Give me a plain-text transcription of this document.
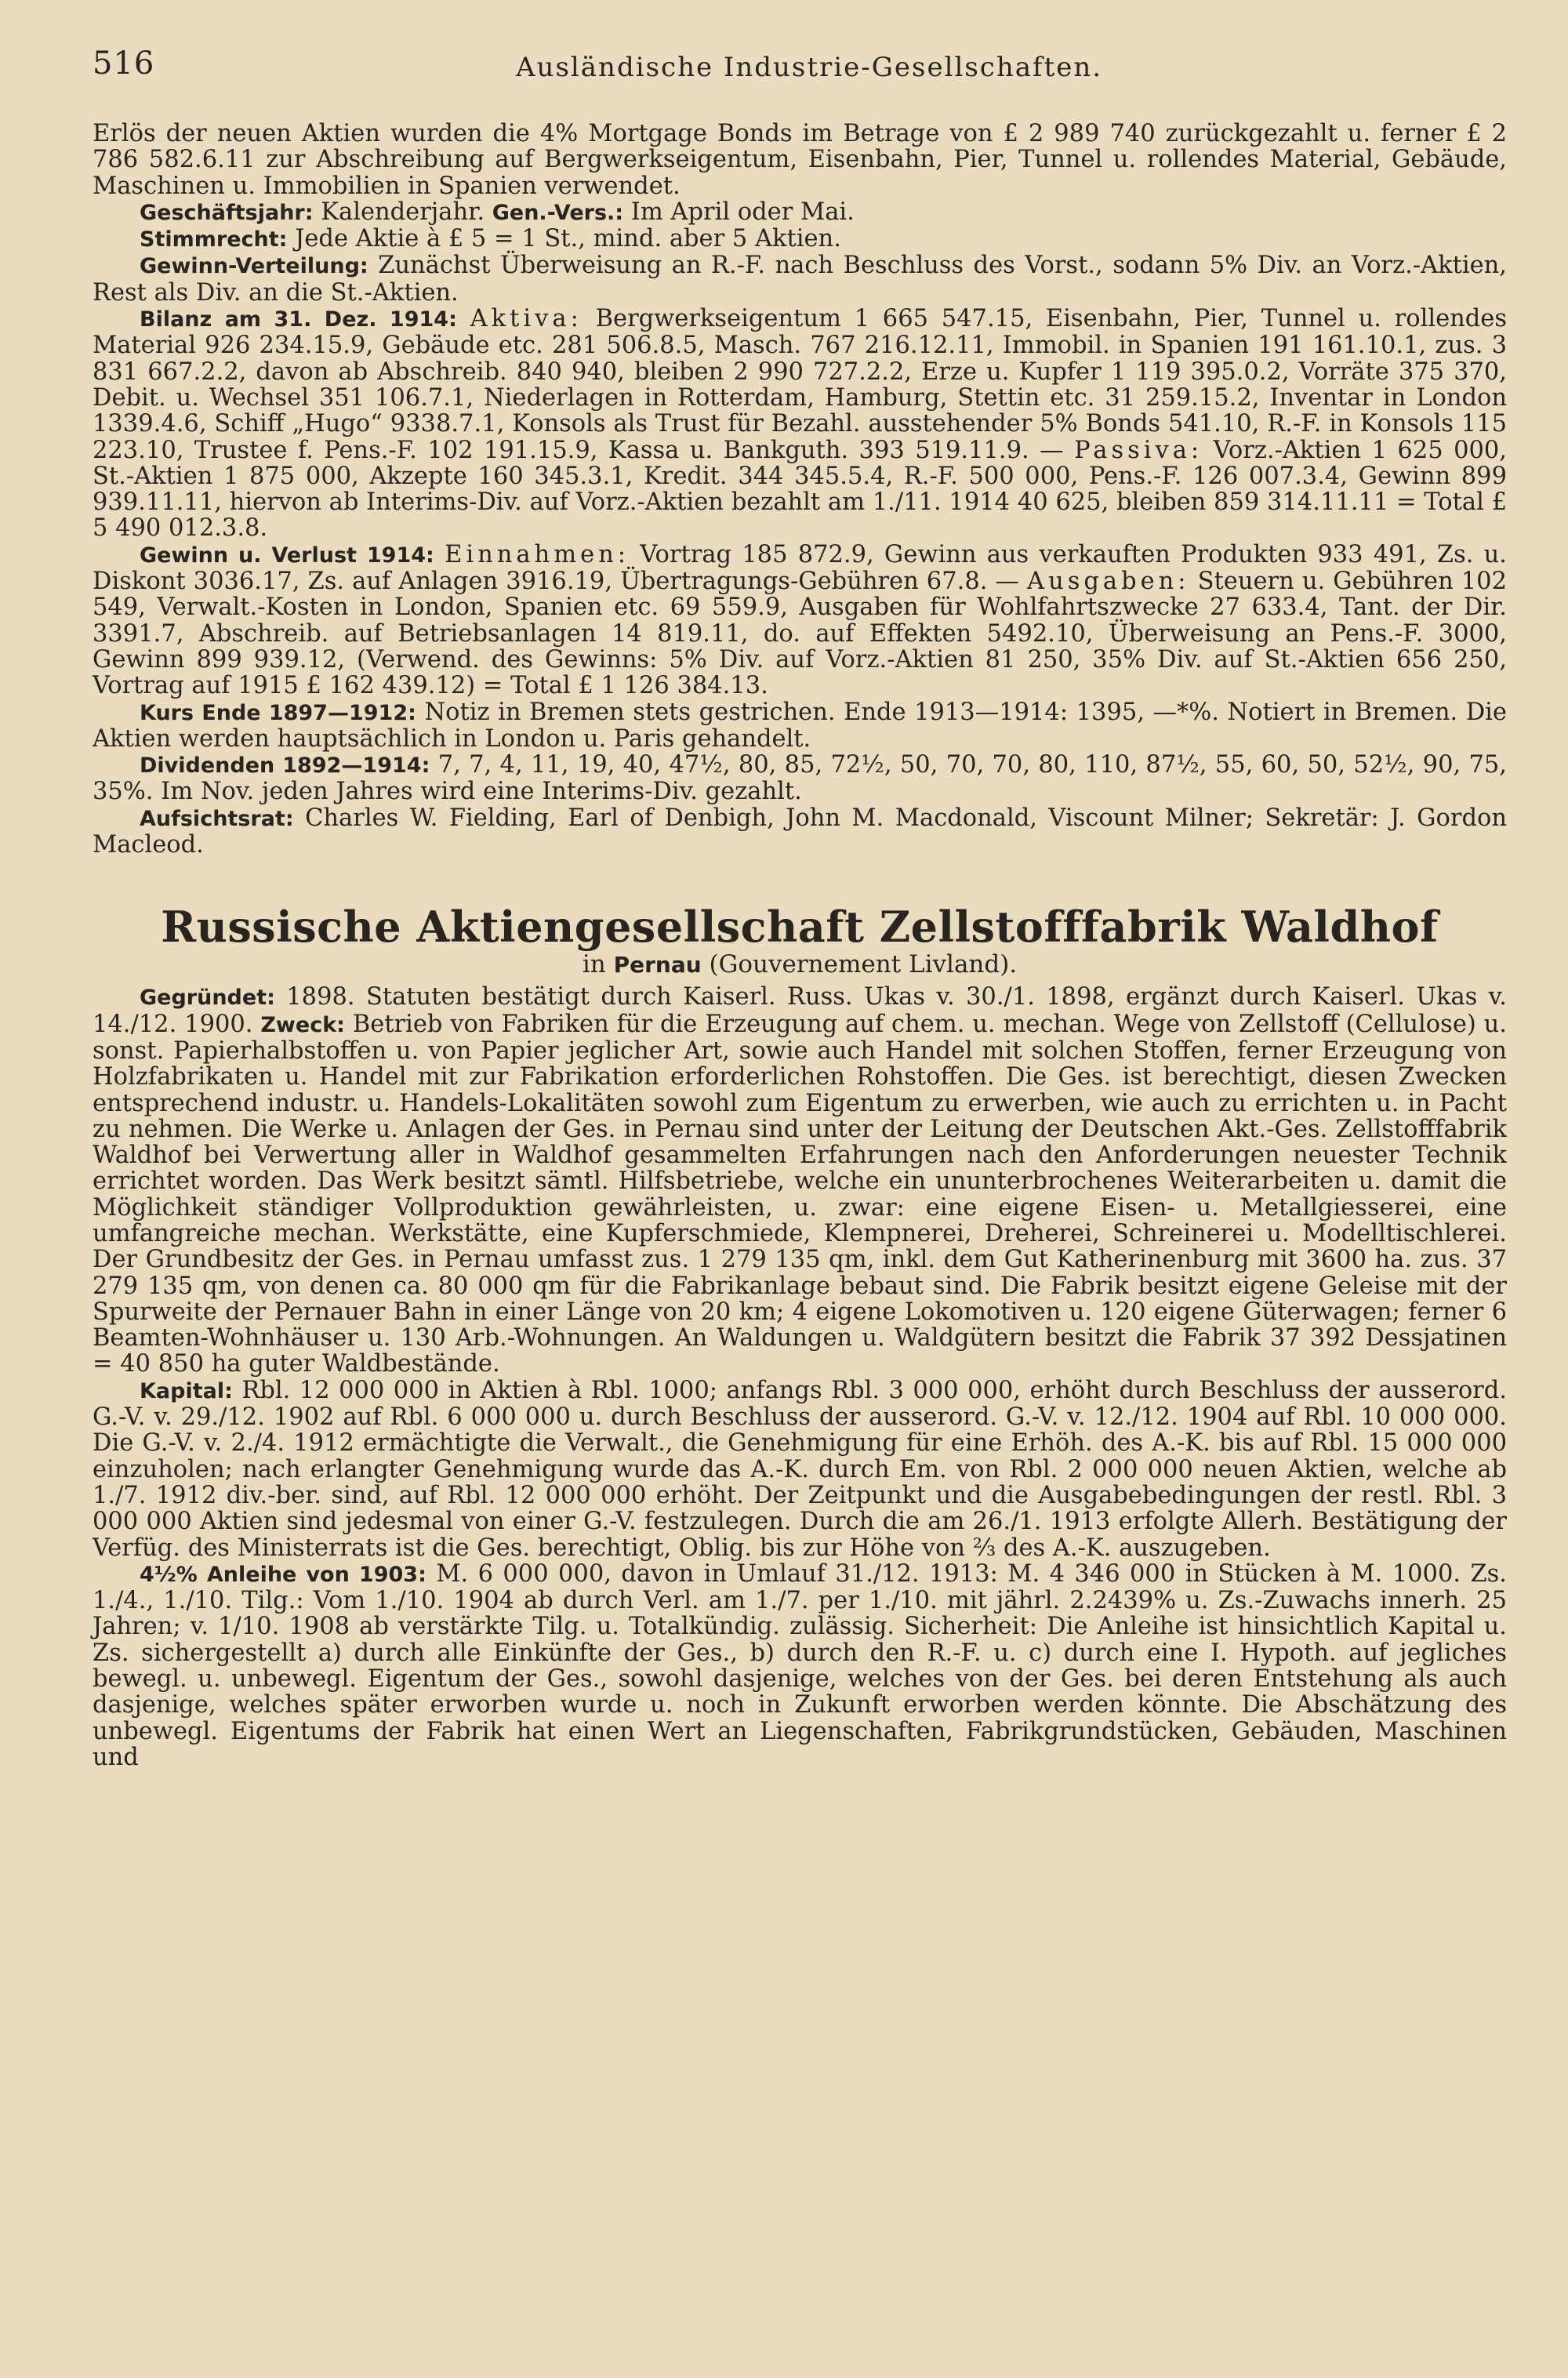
516	Ausländische Industrie-Gesellschaften.

Erlös der neuen Aktien wurden die 4% Mortgage Bonds im Betrage von £ 2 989 740 zurückgezahlt u. ferner £ 2 786 582.6.11 zur Abschreibung auf Bergwerkseigentum, Eisenbahn, Pier, Tunnel u. rollendes Material, Gebäude, Maschinen u. Immobilien in Spanien verwendet.

Geschäftsjahr: Kalenderjahr. Gen.-Vers.: Im April oder Mai.

Stimmrecht: Jede Aktie à £ 5 = 1 St., mind. aber 5 Aktien.

Gewinn-Verteilung: Zunächst Überweisung an R.-F. nach Beschluss des Vorst., sodann 5% Div. an Vorz.-Aktien, Rest als Div. an die St.-Aktien.

Bilanz am 31. Dez. 1914: Aktiva: Bergwerkseigentum 1 665 547.15, Eisenbahn, Pier, Tunnel u. rollendes Material 926 234.15.9, Gebäude etc. 281 506.8.5, Masch. 767 216.12.11, Immobil. in Spanien 191 161.10.1, zus. 3 831 667.2.2, davon ab Abschreib. 840 940, bleiben 2 990 727.2.2, Erze u. Kupfer 1 119 395.0.2, Vorräte 375 370, Debit. u. Wechsel 351 106.7.1, Niederlagen in Rotterdam, Hamburg, Stettin etc. 31 259.15.2, Inventar in London 1339.4.6, Schiff „Hugo“ 9338.7.1, Konsols als Trust für Bezahl. ausstehender 5% Bonds 541.10, R.-F. in Konsols 115 223.10, Trustee f. Pens.-F. 102 191.15.9, Kassa u. Bankguth. 393 519.11.9. — Passiva: Vorz.-Aktien 1 625 000, St.-Aktien 1 875 000, Akzepte 160 345.3.1, Kredit. 344 345.5.4, R.-F. 500 000, Pens.-F. 126 007.3.4, Gewinn 899 939.11.11, hiervon ab Interims-Div. auf Vorz.-Aktien bezahlt am 1./11. 1914 40 625, bleiben 859 314.11.11 = Total £ 5 490 012.3.8.

Gewinn u. Verlust 1914: Einnahmen: Vortrag 185 872.9, Gewinn aus verkauften Produkten 933 491, Zs. u. Diskont 3036.17, Zs. auf Anlagen 3916.19, Übertragungs-Gebühren 67.8. — Ausgaben: Steuern u. Gebühren 102 549, Verwalt.-Kosten in London, Spanien etc. 69 559.9, Ausgaben für Wohlfahrtszwecke 27 633.4, Tant. der Dir. 3391.7, Abschreib. auf Betriebsanlagen 14 819.11, do. auf Effekten 5492.10, Überweisung an Pens.-F. 3000, Gewinn 899 939.12, (Verwend. des Gewinns: 5% Div. auf Vorz.-Aktien 81 250, 35% Div. auf St.-Aktien 656 250, Vortrag auf 1915 £ 162 439.12) = Total £ 1 126 384.13.

Kurs Ende 1897—1912: Notiz in Bremen stets gestrichen. Ende 1913—1914: 1395, —*%. Notiert in Bremen. Die Aktien werden hauptsächlich in London u. Paris gehandelt.

Dividenden 1892—1914: 7, 7, 4, 11, 19, 40, 47½, 80, 85, 72½, 50, 70, 70, 80, 110, 87½, 55, 60, 50, 52½, 90, 75, 35%. Im Nov. jeden Jahres wird eine Interims-Div. gezahlt.

Aufsichtsrat: Charles W. Fielding, Earl of Denbigh, John M. Macdonald, Viscount Milner; Sekretär: J. Gordon Macleod.

Russische Aktiengesellschaft Zellstofffabrik Waldhof
in Pernau (Gouvernement Livland).

Gegründet: 1898. Statuten bestätigt durch Kaiserl. Russ. Ukas v. 30./1. 1898, ergänzt durch Kaiserl. Ukas v. 14./12. 1900. Zweck: Betrieb von Fabriken für die Erzeugung auf chem. u. mechan. Wege von Zellstoff (Cellulose) u. sonst. Papierhalbstoffen u. von Papier jeglicher Art, sowie auch Handel mit solchen Stoffen, ferner Erzeugung von Holzfabrikaten u. Handel mit zur Fabrikation erforderlichen Rohstoffen. Die Ges. ist berechtigt, diesen Zwecken entsprechend industr. u. Handels-Lokalitäten sowohl zum Eigentum zu erwerben, wie auch zu errichten u. in Pacht zu nehmen. Die Werke u. Anlagen der Ges. in Pernau sind unter der Leitung der Deutschen Akt.-Ges. Zellstofffabrik Waldhof bei Verwertung aller in Waldhof gesammelten Erfahrungen nach den Anforderungen neuester Technik errichtet worden. Das Werk besitzt sämtl. Hilfsbetriebe, welche ein ununterbrochenes Weiterarbeiten u. damit die Möglichkeit ständiger Vollproduktion gewährleisten, u. zwar: eine eigene Eisen- u. Metallgiesserei, eine umfangreiche mechan. Werkstätte, eine Kupferschmiede, Klempnerei, Dreherei, Schreinerei u. Modelltischlerei. Der Grundbesitz der Ges. in Pernau umfasst zus. 1 279 135 qm, inkl. dem Gut Katherinenburg mit 3600 ha. zus. 37 279 135 qm, von denen ca. 80 000 qm für die Fabrikanlage bebaut sind. Die Fabrik besitzt eigene Geleise mit der Spurweite der Pernauer Bahn in einer Länge von 20 km; 4 eigene Lokomotiven u. 120 eigene Güterwagen; ferner 6 Beamten-Wohnhäuser u. 130 Arb.-Wohnungen. An Waldungen u. Waldgütern besitzt die Fabrik 37 392 Dessjatinen = 40 850 ha guter Waldbestände.

Kapital: Rbl. 12 000 000 in Aktien à Rbl. 1000; anfangs Rbl. 3 000 000, erhöht durch Beschluss der ausserord. G.-V. v. 29./12. 1902 auf Rbl. 6 000 000 u. durch Beschluss der ausserord. G.-V. v. 12./12. 1904 auf Rbl. 10 000 000. Die G.-V. v. 2./4. 1912 ermächtigte die Verwalt., die Genehmigung für eine Erhöh. des A.-K. bis auf Rbl. 15 000 000 einzuholen; nach erlangter Genehmigung wurde das A.-K. durch Em. von Rbl. 2 000 000 neuen Aktien, welche ab 1./7. 1912 div.-ber. sind, auf Rbl. 12 000 000 erhöht. Der Zeitpunkt und die Ausgabebedingungen der restl. Rbl. 3 000 000 Aktien sind jedesmal von einer G.-V. festzulegen. Durch die am 26./1. 1913 erfolgte Allerh. Bestätigung der Verfüg. des Ministerrats ist die Ges. berechtigt, Oblig. bis zur Höhe von ⅔ des A.-K. auszugeben.

4½% Anleihe von 1903: M. 6 000 000, davon in Umlauf 31./12. 1913: M. 4 346 000 in Stücken à M. 1000. Zs. 1./4., 1./10. Tilg.: Vom 1./10. 1904 ab durch Verl. am 1./7. per 1./10. mit jährl. 2.2439% u. Zs.-Zuwachs innerh. 25 Jahren; v. 1/10. 1908 ab verstärkte Tilg. u. Totalkündig. zulässig. Sicherheit: Die Anleihe ist hinsichtlich Kapital u. Zs. sichergestellt a) durch alle Einkünfte der Ges., b) durch den R.-F. u. c) durch eine I. Hypoth. auf jegliches bewegl. u. unbewegl. Eigentum der Ges., sowohl dasjenige, welches von der Ges. bei deren Entstehung als auch dasjenige, welches später erworben wurde u. noch in Zukunft erworben werden könnte. Die Abschätzung des unbewegl. Eigentums der Fabrik hat einen Wert an Liegenschaften, Fabrikgrundstücken, Gebäuden, Maschinen und
